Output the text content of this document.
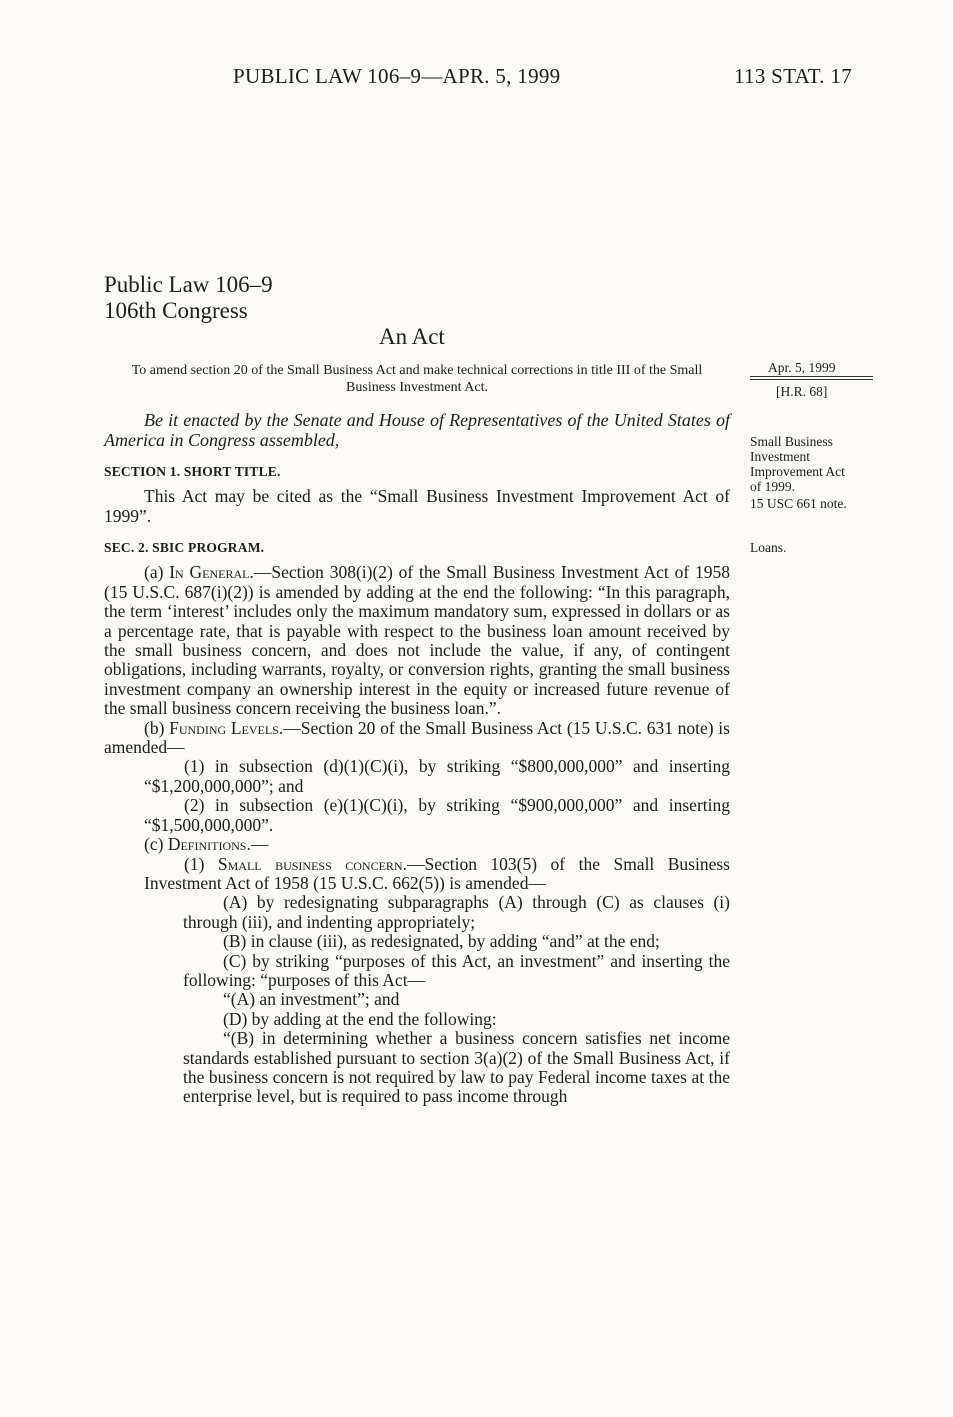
PUBLIC LAW 106–9—APR. 5, 1999	113 STAT. 17
Public Law 106–9
106th Congress
An Act
To amend section 20 of the Small Business Act and make technical corrections in title III of the Small Business Investment Act.
Apr. 5, 1999
[H.R. 68]
Small Business
Investment
Improvement Act
of 1999.
15 USC 661 note.
Loans.

Be it enacted by the Senate and House of Representatives of the United States of America in Congress assembled,

SECTION 1. SHORT TITLE.

This Act may be cited as the “Small Business Investment Improvement Act of 1999”.

SEC. 2. SBIC PROGRAM.

(a) In General.—Section 308(i)(2) of the Small Business Investment Act of 1958 (15 U.S.C. 687(i)(2)) is amended by adding at the end the following: “In this paragraph, the term ‘interest’ includes only the maximum mandatory sum, expressed in dollars or as a percentage rate, that is payable with respect to the business loan amount received by the small business concern, and does not include the value, if any, of contingent obligations, including warrants, royalty, or conversion rights, granting the small business investment company an ownership interest in the equity or increased future revenue of the small business concern receiving the business loan.”.

(b) Funding Levels.—Section 20 of the Small Business Act (15 U.S.C. 631 note) is amended—

(1) in subsection (d)(1)(C)(i), by striking “$800,000,000” and inserting “$1,200,000,000”; and

(2) in subsection (e)(1)(C)(i), by striking “$900,000,000” and inserting “$1,500,000,000”.

(c) Definitions.—

(1) Small business concern.—Section 103(5) of the Small Business Investment Act of 1958 (15 U.S.C. 662(5)) is amended—

(A) by redesignating subparagraphs (A) through (C) as clauses (i) through (iii), and indenting appropriately;

(B) in clause (iii), as redesignated, by adding “and” at the end;

(C) by striking “purposes of this Act, an investment” and inserting the following: “purposes of this Act—

“(A) an investment”; and

(D) by adding at the end the following:

“(B) in determining whether a business concern satisfies net income standards established pursuant to section 3(a)(2) of the Small Business Act, if the business concern is not required by law to pay Federal income taxes at the enterprise level, but is required to pass income through
